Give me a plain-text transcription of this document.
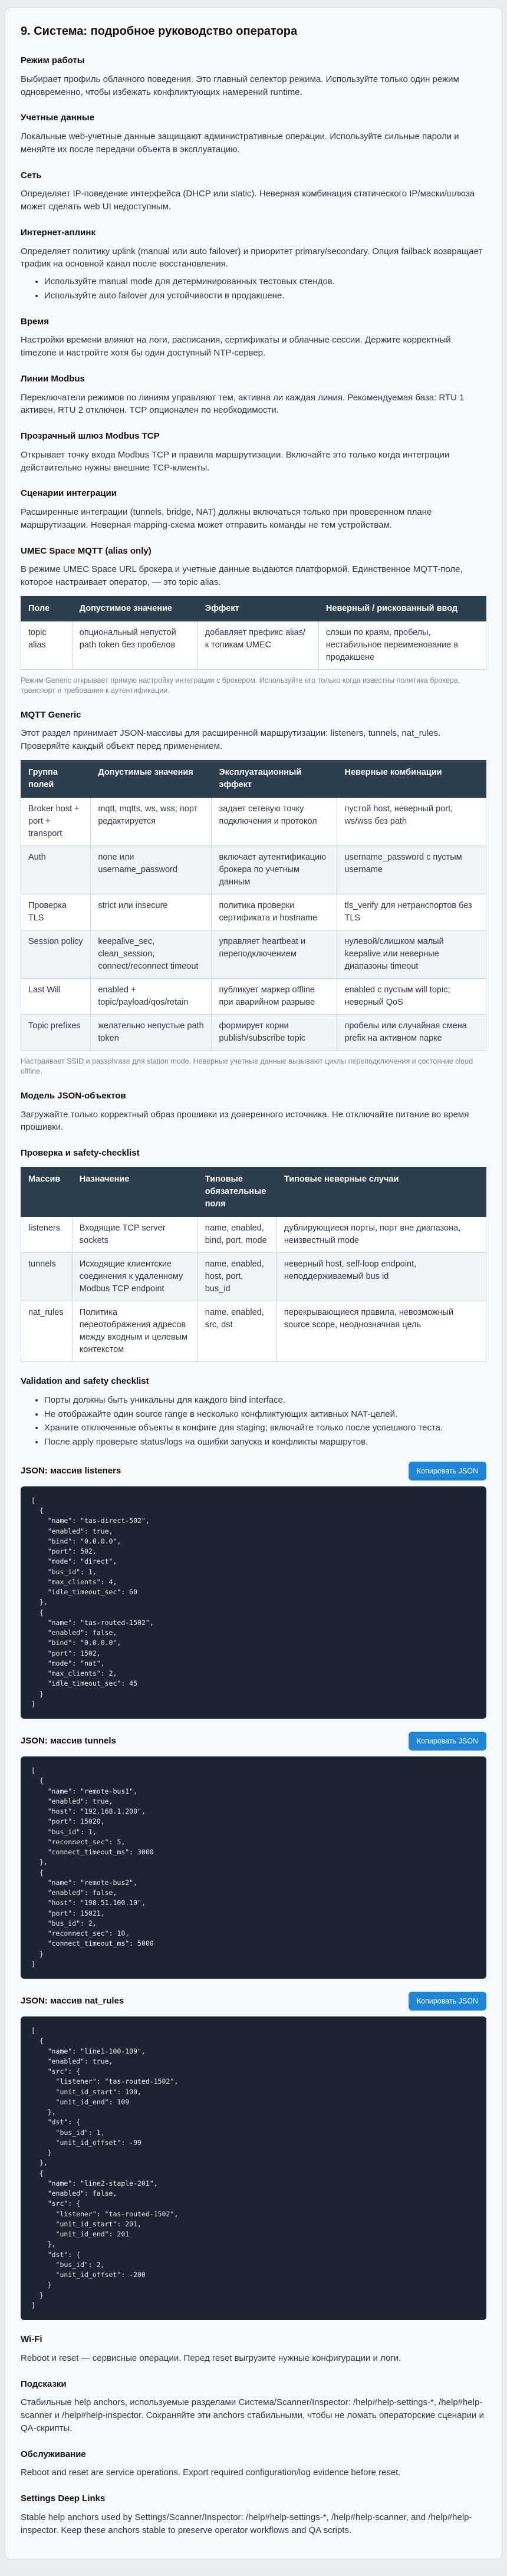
9. Система: подробное руководство оператора
Режим работы

Выбирает профиль облачного поведения. Это главный селектор режима. Используйте только один режим одновременно, чтобы избежать конфликтующих намерений runtime.

Учетные данные

Локальные web-учетные данные защищают административные операции. Используйте сильные пароли и меняйте их после передачи объекта в эксплуатацию.

Сеть

Определяет IP-поведение интерфейса (DHCP или static). Неверная комбинация статического IP/маски/шлюза может сделать web UI недоступным.

Интернет-аплинк

Определяет политику uplink (manual или auto failover) и приоритет primary/secondary. Опция failback возвращает трафик на основной канал после восстановления.

• Используйте manual mode для детерминированных тестовых стендов.
• Используйте auto failover для устойчивости в продакшене.
Время

Настройки времени влияют на логи, расписания, сертификаты и облачные сессии. Держите корректный timezone и настройте хотя бы один доступный NTP-сервер.

Линии Modbus

Переключатели режимов по линиям управляют тем, активна ли каждая линия. Рекомендуемая база: RTU 1 активен, RTU 2 отключен. TCP опционален по необходимости.

Прозрачный шлюз Modbus TCP

Открывает точку входа Modbus TCP и правила маршрутизации. Включайте это только когда интеграции действительно нужны внешние TCP-клиенты.

Сценарии интеграции

Расширенные интеграции (tunnels, bridge, NAT) должны включаться только при проверенном плане маршрутизации. Неверная mapping-схема может отправить команды не тем устройствам.

UMEC Space MQTT (alias only)

В режиме UMEC Space URL брокера и учетные данные выдаются платформой. Единственное MQTT-поле, которое настраивает оператор, — это topic alias.

Поле	Допустимое значение	Эффект	Неверный / рискованный ввод
topic alias	опциональный непустой path token без пробелов	добавляет префикс alias/ к топикам UMEC	слэши по краям, пробелы, нестабильное переименование в продакшене

Режим Generic открывает прямую настройку интеграции с брокером. Используйте его только когда известны политика брокера, транспорт и требования к аутентификации.

MQTT Generic

Этот раздел принимает JSON-массивы для расширенной маршрутизации: listeners, tunnels, nat_rules. Проверяйте каждый объект перед применением.

Группа полей	Допустимые значения	Эксплуатационный эффект	Неверные комбинации
Broker host + port + transport	mqtt, mqtts, ws, wss; порт редактируется	задает сетевую точку подключения и протокол	пустой host, неверный port, ws/wss без path
Auth	none или username_password	включает аутентификацию брокера по учетным данным	username_password с пустым username
Проверка TLS	strict или insecure	политика проверки сертификата и hostname	tls_verify для нетранспортов без TLS
Session policy	keepalive_sec, clean_session, connect/reconnect timeout	управляет heartbeat и переподключением	нулевой/слишком малый keepalive или неверные диапазоны timeout
Last Will	enabled + topic/payload/qos/retain	публикует маркер offline при аварийном разрыве	enabled с пустым will topic; неверный QoS
Topic prefixes	желательно непустые path token	формирует корни publish/subscribe topic	пробелы или случайная смена prefix на активном парке

Настраивает SSID и passphrase для station mode. Неверные учетные данные вызывают циклы переподключения и состояние cloud offline.

Модель JSON-объектов

Загружайте только корректный образ прошивки из доверенного источника. Не отключайте питание во время прошивки.

Проверка и safety-checklist
Массив	Назначение	Типовые обязательные поля	Типовые неверные случаи
listeners	Входящие TCP server sockets	name, enabled, bind, port, mode	дублирующиеся порты, порт вне диапазона, неизвестный mode
tunnels	Исходящие клиентские соединения к удаленному Modbus TCP endpoint	name, enabled, host, port, bus_id	неверный host, self-loop endpoint, неподдерживаемый bus id
nat_rules	Политика переотображения адресов между входным и целевым контекстом	name, enabled, src, dst	перекрывающиеся правила, невозможный source scope, неоднозначная цель
Validation and safety checklist
• Порты должны быть уникальны для каждого bind interface.
• Не отображайте один source range в несколько конфликтующих активных NAT-целей.
• Храните отключенные объекты в конфиге для staging; включайте только после успешного теста.
• После apply проверьте status/logs на ошибки запуска и конфликты маршрутов.
JSON: массив listeners	Копировать JSON
[
{
"name": "tas-direct-502",
"enabled": true,
"bind": "0.0.0.0",
"port": 502,
"mode": "direct",
"bus_id": 1,
"max_clients": 4,
"idle_timeout_sec": 60
},
{
"name": "tas-routed-1502",
"enabled": false,
"bind": "0.0.0.0",
"port": 1502,
"mode": "nat",
"max_clients": 2,
"idle_timeout_sec": 45
}
]
JSON: массив tunnels	Копировать JSON
[
{
"name": "remote-bus1",
"enabled": true,
"host": "192.168.1.200",
"port": 15020,
"bus_id": 1,
"reconnect_sec": 5,
"connect_timeout_ms": 3000
},
{
"name": "remote-bus2",
"enabled": false,
"host": "198.51.100.10",
"port": 15021,
"bus_id": 2,
"reconnect_sec": 10,
"connect_timeout_ms": 5000
}
]
JSON: массив nat_rules	Копировать JSON
[
{
"name": "line1-100-109",
"enabled": true,
"src": {
"listener": "tas-routed-1502",
"unit_id_start": 100,
"unit_id_end": 109
},
"dst": {
"bus_id": 1,
"unit_id_offset": -99
}
},
{
"name": "line2-staple-201",
"enabled": false,
"src": {
"listener": "tas-routed-1502",
"unit_id_start": 201,
"unit_id_end": 201
},
"dst": {
"bus_id": 2,
"unit_id_offset": -200
}
}
]
Wi-Fi

Reboot и reset — сервисные операции. Перед reset выгрузите нужные конфигурации и логи.

Подсказки

Стабильные help anchors, используемые разделами Система/Scanner/Inspector: /help#help-settings-*, /help#help-scanner и /help#help-inspector. Сохраняйте эти anchors стабильными, чтобы не ломать операторские сценарии и QA-скрипты.

Обслуживание

Reboot and reset are service operations. Export required configuration/log evidence before reset.

Settings Deep Links

Stable help anchors used by Settings/Scanner/Inspector: /help#help-settings-*, /help#help-scanner, and /help#help-inspector. Keep these anchors stable to preserve operator workflows and QA scripts.
